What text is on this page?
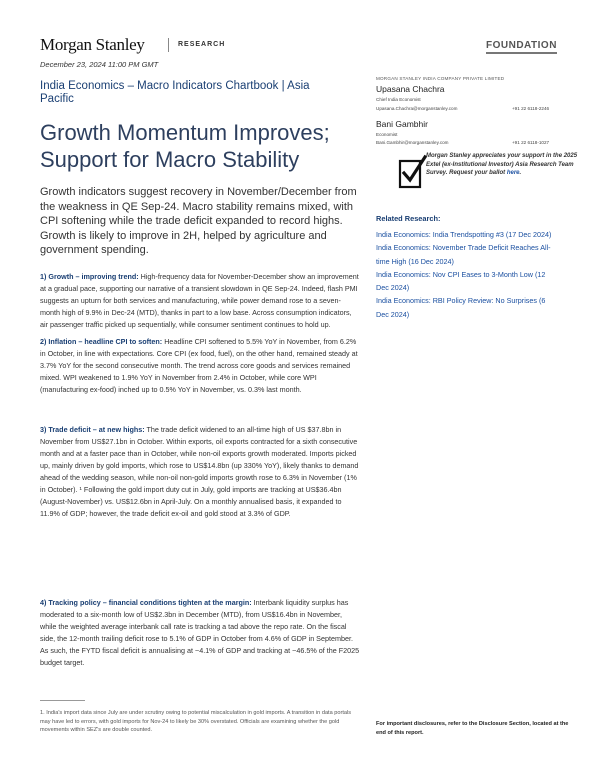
Morgan Stanley	RESEARCH	FOUNDATION
December 23, 2024 11:00 PM GMT
India Economics – Macro Indicators Chartbook | Asia Pacific
Growth Momentum Improves; Support for Macro Stability
Growth indicators suggest recovery in November/December from the weakness in QE Sep-24. Macro stability remains mixed, with CPI softening while the trade deficit expanded to record highs. Growth is likely to improve in 2H, helped by agriculture and government spending.
1) Growth – improving trend: High-frequency data for November-December show an improvement at a gradual pace, supporting our narrative of a transient slowdown in QE Sep-24. Indeed, flash PMI suggests an upturn for both services and manufacturing, while power demand rose to a seven-month high of 9.9% in Dec-24 (MTD), thanks in part to a low base. Across consumption indicators, air passenger traffic picked up sequentially, while consumer sentiment continues to hold up.
2) Inflation – headline CPI to soften: Headline CPI softened to 5.5% YoY in November, from 6.2% in October, in line with expectations. Core CPI (ex food, fuel), on the other hand, remained steady at 3.7% YoY for the second consecutive month. The trend across core goods and services remained mixed. WPI weakened to 1.9% YoY in November from 2.4% in October, while core WPI (manufacturing ex-food) inched up to 0.5% YoY in November, vs. 0.3% last month.
3) Trade deficit – at new highs: The trade deficit widened to an all-time high of US $37.8bn in November from US$27.1bn in October. Within exports, oil exports contracted for a sixth consecutive month and at a faster pace than in October, while non-oil exports growth moderated. Imports picked up, mainly driven by gold imports, which rose to US$14.8bn (up 330% YoY), likely thanks to demand ahead of the wedding season, while non-oil non-gold imports growth rose to 6.3% in November (1% in October). ¹ Following the gold import duty cut in July, gold imports are tracking at US$36.4bn (August-November) vs. US$12.6bn in April-July. On a monthly annualised basis, it expanded to 11.9% of GDP; however, the trade deficit ex-oil and gold stood at 3.3% of GDP.
4) Tracking policy – financial conditions tighten at the margin: Interbank liquidity surplus has moderated to a six-month low of US$2.3bn in December (MTD), from US$16.4bn in November, while the weighted average interbank call rate is tracking a tad above the repo rate. On the fiscal side, the 12-month trailing deficit rose to 5.1% of GDP in October from 4.6% of GDP in September. As such, the FYTD fiscal deficit is annualising at ~4.1% of GDP and tracking at ~46.5% of the F2025 budget target.
1. India's import data since July are under scrutiny owing to potential miscalculation in gold imports. A transition in data portals may have led to errors, with gold imports for Nov-24 to likely be 30% overstated. Officials are examining whether the gold movements within SEZ's are double counted.
MORGAN STANLEY INDIA COMPANY PRIVATE LIMITED
Upasana Chachra
Chief India Economist
Upasana.Chachra@morganstanley.com	+91 22 6118-2246
Bani Gambhir
Economist
Bani.Gambhir@morganstanley.com	+91 22 6118-1027
Morgan Stanley appreciates your support in the 2025 Extel (ex-Institutional Investor) Asia Research Team Survey. Request your ballot here.
Related Research:
India Economics: India Trendspotting #3 (17 Dec 2024)
India Economics: November Trade Deficit Reaches All-time High (16 Dec 2024)
India Economics: Nov CPI Eases to 3-Month Low (12 Dec 2024)
India Economics: RBI Policy Review: No Surprises (6 Dec 2024)
For important disclosures, refer to the Disclosure Section, located at the end of this report.
